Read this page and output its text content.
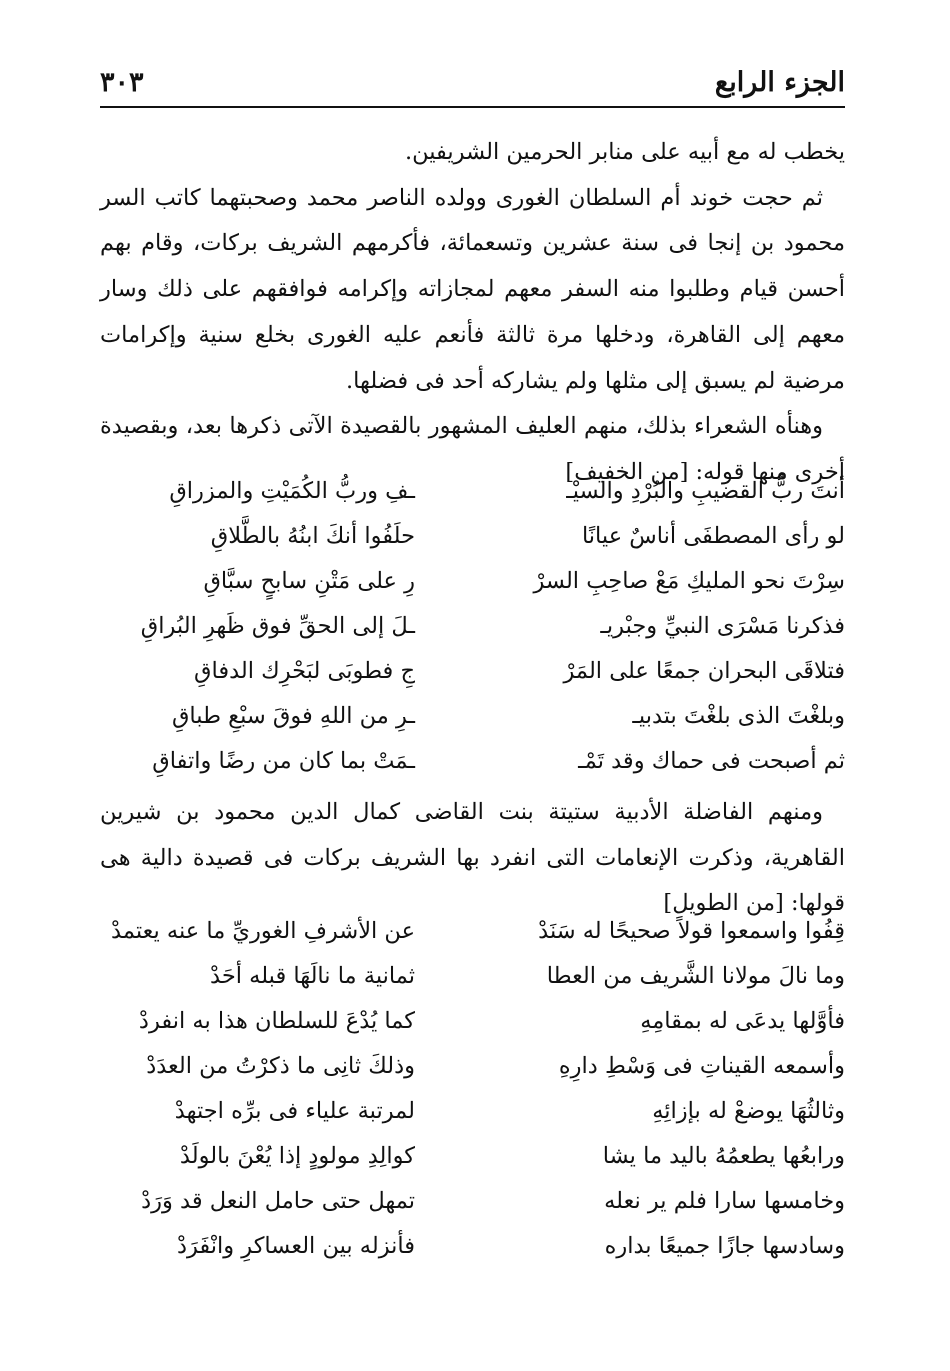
الجزء الرابع
٣٠٣

يخطب له مع أبيه على منابر الحرمين الشريفين.

ثم حجت خوند أم السلطان الغورى وولده الناصر محمد وصحبتهما كاتب السر محمود بن إنجا فى سنة عشرين وتسعمائة، فأكرمهم الشريف بركات، وقام بهم أحسن قيام وطلبوا منه السفر معهم لمجازاته وإكرامه فوافقهم على ذلك وسار معهم إلى القاهرة، ودخلها مرة ثالثة فأنعم عليه الغورى بخلع سنية وإكرامات مرضية لم يسبق إلى مثلها ولم يشاركه أحد فى فضلها.

وهنأه الشعراء بذلك، منهم العليف المشهور بالقصيدة الآتى ذكرها بعد، وبقصيدة أخرى منها قوله: [من الخفيف]

أنتَ ربُّ القضيبِ والبُرْدِ والسيْـ
ـفِ وربُّ الكُمَيْتِ والمزراقِ
لو رأى المصطفَى أناسٌ عيانًا
حلَفُوا أنكَ ابنُهُ بالطَّلاقِ
سِرْتَ نحو المليكِ مَعْ صاحِبِ السرْ
رِ على مَتْنِ سابحٍ سبَّاقِ
فذكرنا مَسْرَى النبيِّ وجبْريـ
ـلَ إلى الحقِّ فوق ظَهرِ البُراقِ
فتلاقَى البحران جمعًا على المَرْ
جِ فطوبَى لبَحْرِك الدفاقِ
وبلغْتَ الذى بلغْتَ بتدبيـ
ـرِ من اللهِ فوقَ سبْعِ طباقِ
ثم أصبحت فى حماك وقد تَمْـ
ـمَتْ بما كان من رضًا واتفاقِ

ومنهم الفاضلة الأدبية ستيتة بنت القاضى كمال الدين محمود بن شيرين القاهرية، وذكرت الإنعامات التى انفرد بها الشريف بركات فى قصيدة دالية هى قولها: [من الطويل]

قِفُوا واسمعوا قولاً صحيحًا له سَنَدْ
عن الأشرفِ الغوريِّ ما عنه يعتمدْ
وما نالَ مولانا الشَّريف من العطا
ثمانية ما نالَهَا قبله أحَدْ
فأوَّلها يدعَى له بمقامِهِ
كما يُدْعَ للسلطان هذا به انفردْ
وأسمعه القيناتِ فى وَسْطِ دارِهِ
وذلكَ ثانِى ما ذكرْتُ من العدَدْ
وثالثُهَا يوضعْ له بإزائِهِ
لمرتبة علياء فى برِّه اجتهدْ
ورابعُها يطعمُهُ باليد ما يشا
كوالِدِ مولودٍ إذا يُعْنَ بالولَدْ
وخامسها سارا فلم ير نعله
تمهل حتى حامل النعل قد وَرَدْ
وسادسها جازًا جميعًا بداره
فأنزله بين العساكرِ وانْفَرَدْ
